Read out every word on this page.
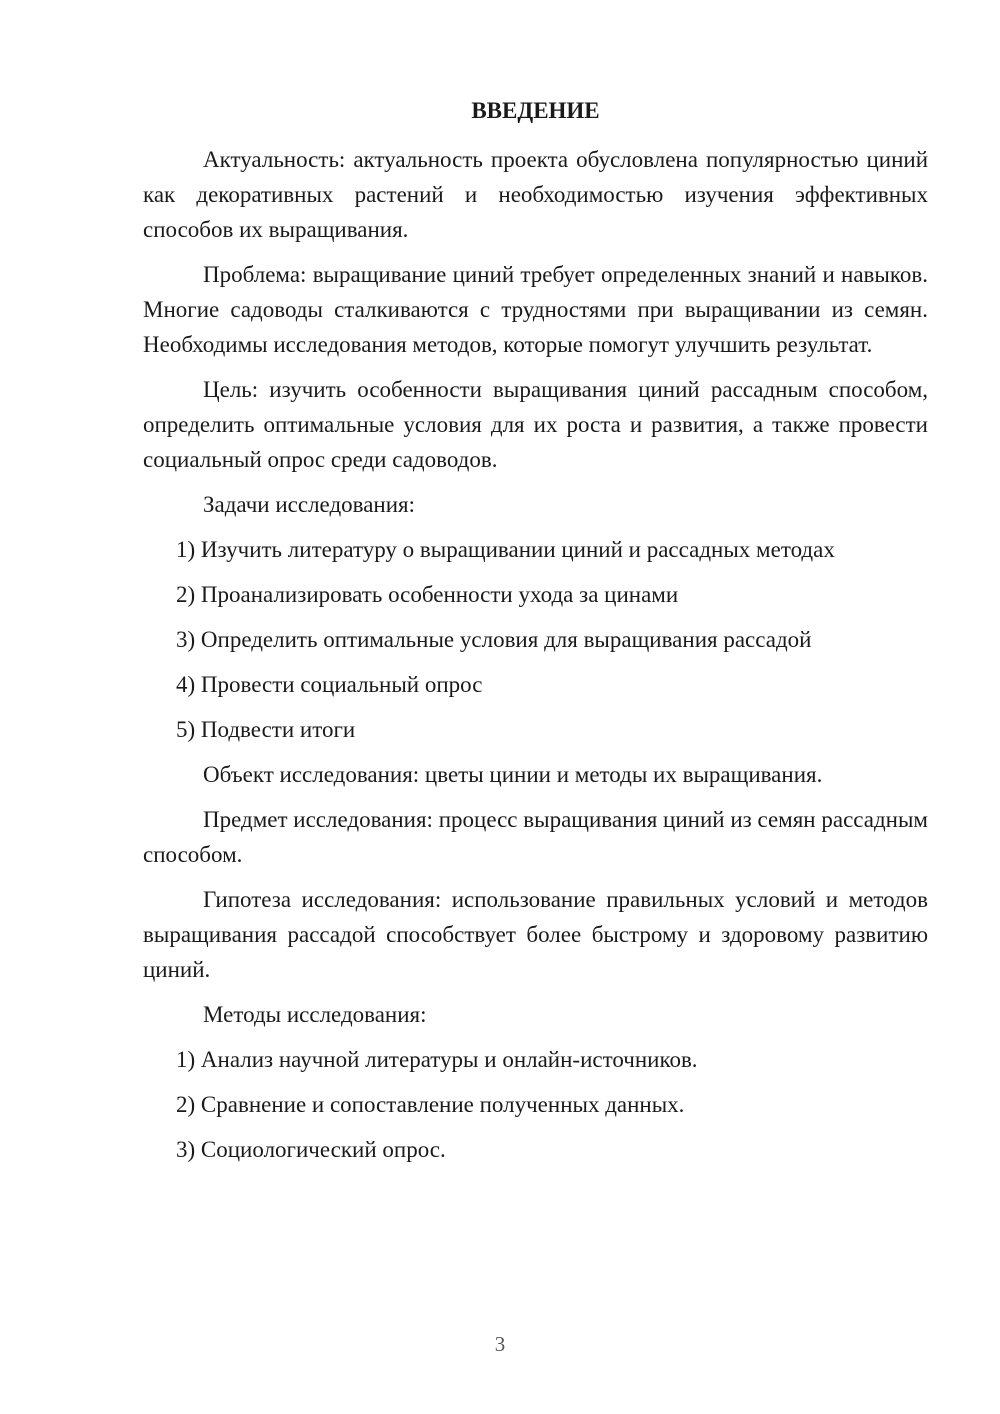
ВВЕДЕНИЕ

Актуальность: актуальность проекта обусловлена популярностью циний как декоративных растений и необходимостью изучения эффективных способов их выращивания.

Проблема: выращивание циний требует определенных знаний и навыков. Многие садоводы сталкиваются с трудностями при выращивании из семян. Необходимы исследования методов, которые помогут улучшить результат.

Цель: изучить особенности выращивания циний рассадным способом, определить оптимальные условия для их роста и развития, а также провести социальный опрос среди садоводов.

Задачи исследования:

1) Изучить литературу о выращивании циний и рассадных методах
2) Проанализировать особенности ухода за цинами
3) Определить оптимальные условия для выращивания рассадой
4) Провести социальный опрос
5) Подвести итоги

Объект исследования: цветы цинии и методы их выращивания.

Предмет исследования: процесс выращивания циний из семян рассадным способом.

Гипотеза исследования: использование правильных условий и методов выращивания рассадой способствует более быстрому и здоровому развитию циний.

Методы исследования:

1) Анализ научной литературы и онлайн-источников.
2) Сравнение и сопоставление полученных данных.
3) Социологический опрос.
3
